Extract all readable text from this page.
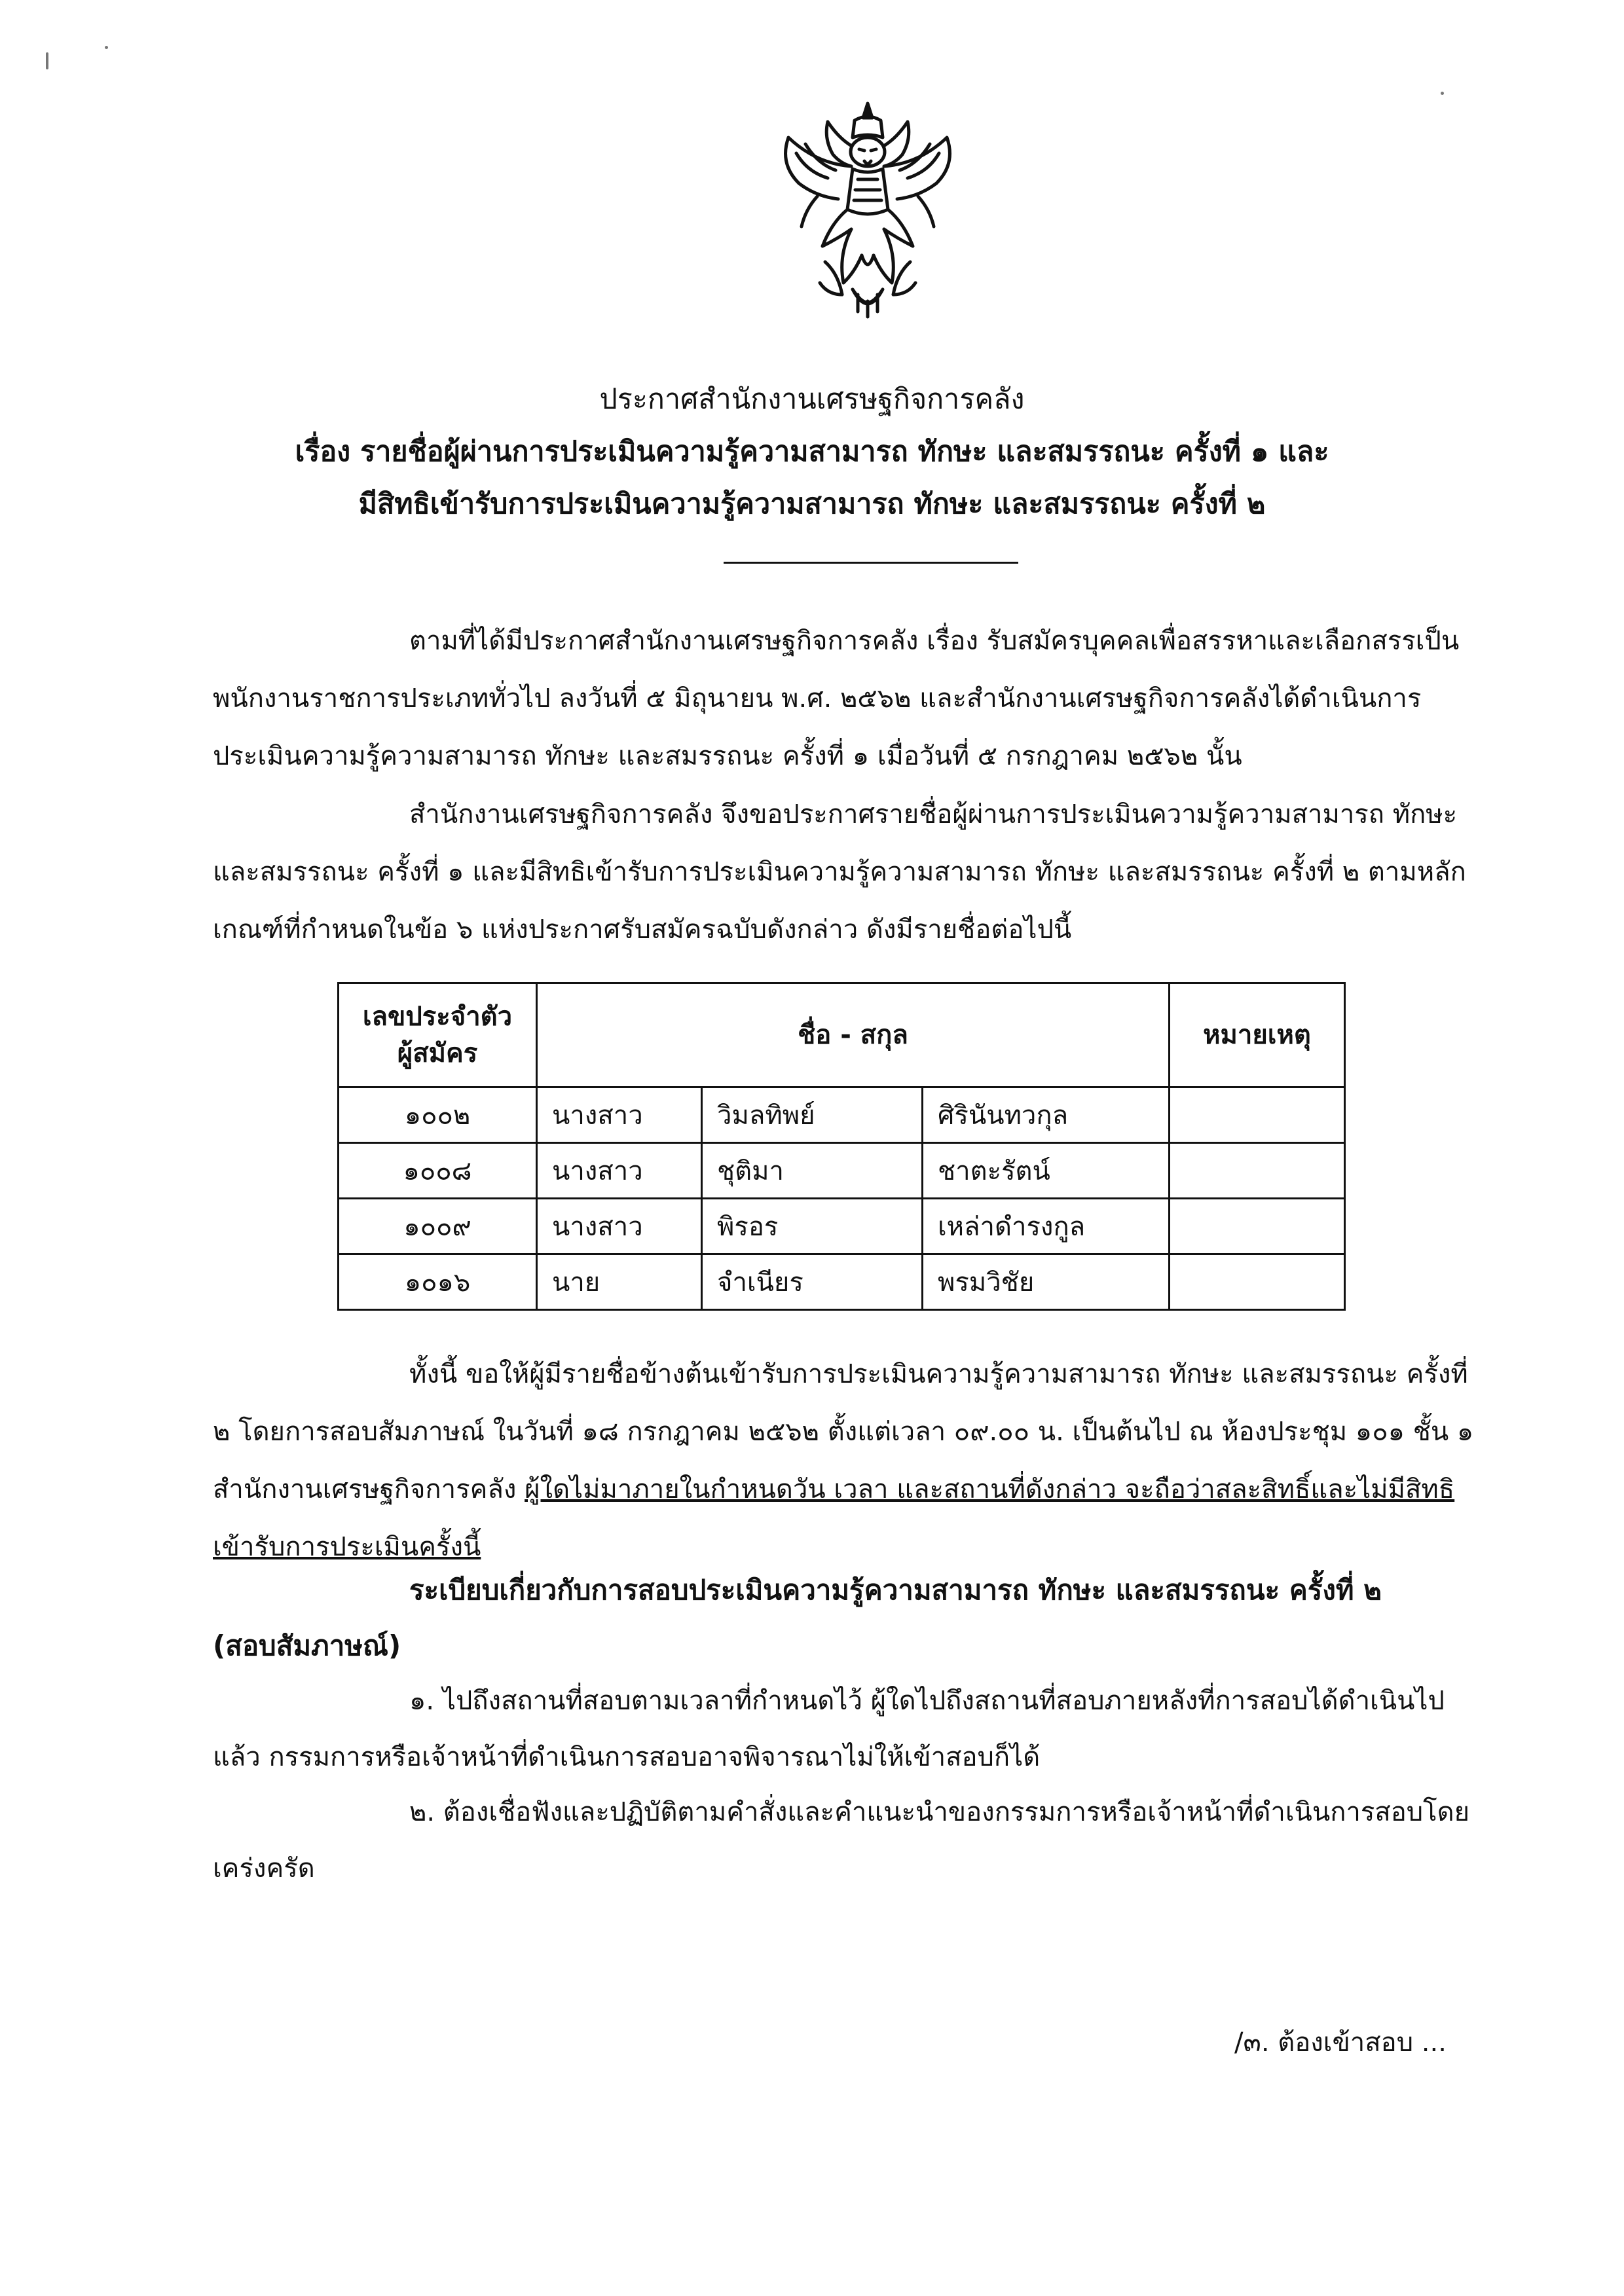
ประกาศสำนักงานเศรษฐกิจการคลัง
เรื่อง รายชื่อผู้ผ่านการประเมินความรู้ความสามารถ ทักษะ และสมรรถนะ ครั้งที่ ๑ และ
มีสิทธิเข้ารับการประเมินความรู้ความสามารถ ทักษะ และสมรรถนะ ครั้งที่ ๒
ตามที่ได้มีประกาศสำนักงานเศรษฐกิจการคลัง เรื่อง รับสมัครบุคคลเพื่อสรรหาและเลือกสรรเป็นพนักงานราชการประเภททั่วไป ลงวันที่ ๕ มิถุนายน พ.ศ. ๒๕๖๒ และสำนักงานเศรษฐกิจการคลังได้ดำเนินการประเมินความรู้ความสามารถ ทักษะ และสมรรถนะ ครั้งที่ ๑ เมื่อวันที่ ๕ กรกฎาคม ๒๕๖๒ นั้น
สำนักงานเศรษฐกิจการคลัง จึงขอประกาศรายชื่อผู้ผ่านการประเมินความรู้ความสามารถ ทักษะ และสมรรถนะ ครั้งที่ ๑ และมีสิทธิเข้ารับการประเมินความรู้ความสามารถ ทักษะ และสมรรถนะ ครั้งที่ ๒ ตามหลักเกณฑ์ที่กำหนดในข้อ ๖ แห่งประกาศรับสมัครฉบับดังกล่าว ดังมีรายชื่อต่อไปนี้
เลขประจำตัว ผู้สมัคร	ชื่อ - สกุล			หมายเหตุ
๑๐๐๒	นางสาว	วิมลทิพย์	ศิรินันทวกุล	
๑๐๐๘	นางสาว	ชุติมา	ชาตะรัตน์	
๑๐๐๙	นางสาว	พิรอร	เหล่าดำรงกูล	
๑๐๑๖	นาย	จำเนียร	พรมวิชัย	
ทั้งนี้ ขอให้ผู้มีรายชื่อข้างต้นเข้ารับการประเมินความรู้ความสามารถ ทักษะ และสมรรถนะ ครั้งที่ ๒ โดยการสอบสัมภาษณ์ ในวันที่ ๑๘ กรกฎาคม ๒๕๖๒ ตั้งแต่เวลา ๐๙.๐๐ น. เป็นต้นไป ณ ห้องประชุม ๑๐๑ ชั้น ๑ สำนักงานเศรษฐกิจการคลัง ผู้ใดไม่มาภายในกำหนดวัน เวลา และสถานที่ดังกล่าว จะถือว่าสละสิทธิ์และไม่มีสิทธิเข้ารับการประเมินครั้งนี้
ระเบียบเกี่ยวกับการสอบประเมินความรู้ความสามารถ ทักษะ และสมรรถนะ ครั้งที่ ๒
(สอบสัมภาษณ์)
๑. ไปถึงสถานที่สอบตามเวลาที่กำหนดไว้ ผู้ใดไปถึงสถานที่สอบภายหลังที่การสอบได้ดำเนินไปแล้ว กรรมการหรือเจ้าหน้าที่ดำเนินการสอบอาจพิจารณาไม่ให้เข้าสอบก็ได้
๒. ต้องเชื่อฟังและปฏิบัติตามคำสั่งและคำแนะนำของกรรมการหรือเจ้าหน้าที่ดำเนินการสอบโดยเคร่งครัด
/๓. ต้องเข้าสอบ ...
